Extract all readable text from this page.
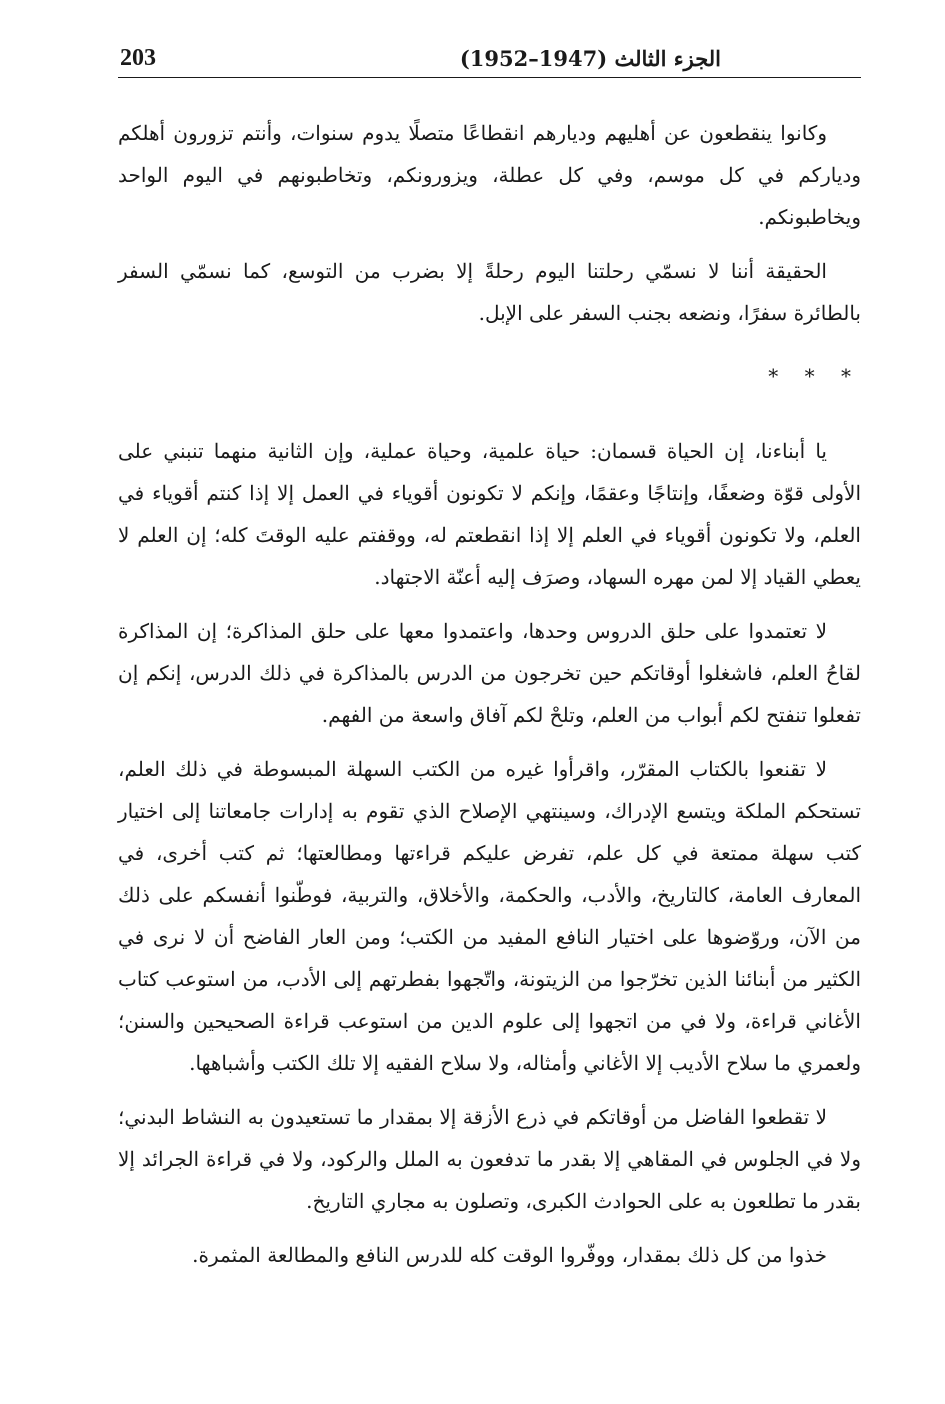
203	الجزء الثالث (1947–1952)

وكانوا ينقطعون عن أهليهم وديارهم انقطاعًا متصلًا يدوم سنوات، وأنتم تزورون أهلكم ودياركم في كل موسم، وفي كل عطلة، ويزورونكم، وتخاطبونهم في اليوم الواحد ويخاطبونكم.

الحقيقة أننا لا نسمّي رحلتنا اليوم رحلةً إلا بضرب من التوسع، كما نسمّي السفر بالطائرة سفرًا، ونضعه بجنب السفر على الإبل.

* * *

يا أبناءنا، إن الحياة قسمان: حياة علمية، وحياة عملية، وإن الثانية منهما تنبني على الأولى قوّة وضعفًا، وإنتاجًا وعقمًا، وإنكم لا تكونون أقوياء في العمل إلا إذا كنتم أقوياء في العلم، ولا تكونون أقوياء في العلم إلا إذا انقطعتم له، ووقفتم عليه الوقتَ كله؛ إن العلم لا يعطي القياد إلا لمن مهره السهاد، وصرَف إليه أعنّة الاجتهاد.

لا تعتمدوا على حلق الدروس وحدها، واعتمدوا معها على حلق المذاكرة؛ إن المذاكرة لقاحُ العلم، فاشغلوا أوقاتكم حين تخرجون من الدرس بالمذاكرة في ذلك الدرس، إنكم إن تفعلوا تنفتح لكم أبواب من العلم، وتلحْ لكم آفاق واسعة من الفهم.

لا تقنعوا بالكتاب المقرّر، واقرأوا غيره من الكتب السهلة المبسوطة في ذلك العلم، تستحكم الملكة ويتسع الإدراك، وسينتهي الإصلاح الذي تقوم به إدارات جامعاتنا إلى اختيار كتب سهلة ممتعة في كل علم، تفرض عليكم قراءتها ومطالعتها؛ ثم كتب أخرى، في المعارف العامة، كالتاريخ، والأدب، والحكمة، والأخلاق، والتربية، فوطّنوا أنفسكم على ذلك من الآن، وروّضوها على اختيار النافع المفيد من الكتب؛ ومن العار الفاضح أن لا نرى في الكثير من أبنائنا الذين تخرّجوا من الزيتونة، واتّجهوا بفطرتهم إلى الأدب، من استوعب كتاب الأغاني قراءة، ولا في من اتجهوا إلى علوم الدين من استوعب قراءة الصحيحين والسنن؛ ولعمري ما سلاح الأديب إلا الأغاني وأمثاله، ولا سلاح الفقيه إلا تلك الكتب وأشباهها.

لا تقطعوا الفاضل من أوقاتكم في ذرع الأزقة إلا بمقدار ما تستعيدون به النشاط البدني؛ ولا في الجلوس في المقاهي إلا بقدر ما تدفعون به الملل والركود، ولا في قراءة الجرائد إلا بقدر ما تطلعون به على الحوادث الكبرى، وتصلون به مجاري التاريخ.

خذوا من كل ذلك بمقدار، ووفّروا الوقت كله للدرس النافع والمطالعة المثمرة.
